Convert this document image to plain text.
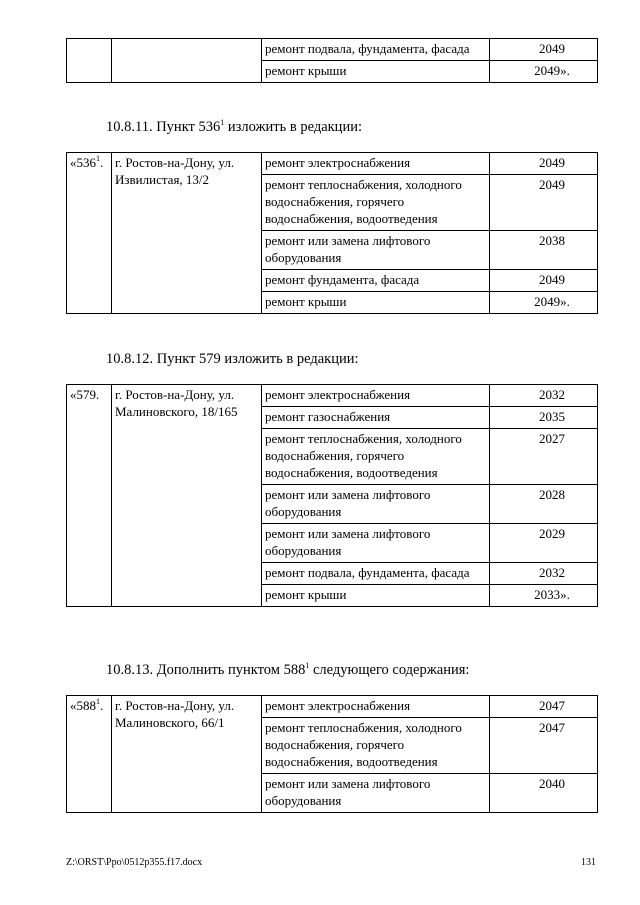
		ремонт подвала, фундамента, фасада	2049
		ремонт крыши	2049».
10.8.11. Пункт $536^1$ изложить в редакции:
«$536^1$.	г. Ростов-на-Дону, ул. Извилистая, 13/2	ремонт электроснабжения	2049
		ремонт теплоснабжения, холодного водоснабжения, горячего водоснабжения, водоотведения	2049
		ремонт или замена лифтового оборудования	2038
		ремонт фундамента, фасада	2049
		ремонт крыши	2049».
10.8.12. Пункт 579 изложить в редакции:
«579.	г. Ростов-на-Дону, ул. Малиновского, 18/165	ремонт электроснабжения	2032
		ремонт газоснабжения	2035
		ремонт теплоснабжения, холодного водоснабжения, горячего водоснабжения, водоотведения	2027
		ремонт или замена лифтового оборудования	2028
		ремонт или замена лифтового оборудования	2029
		ремонт подвала, фундамента, фасада	2032
		ремонт крыши	2033».
10.8.13. Дополнить пунктом $588^1$ следующего содержания:
«$588^1$.	г. Ростов-на-Дону, ул. Малиновского, 66/1	ремонт электроснабжения	2047
		ремонт теплоснабжения, холодного водоснабжения, горячего водоснабжения, водоотведения	2047
		ремонт или замена лифтового оборудования	2040
Z:\ORST\Ppo\0512p355.f17.docx	131
